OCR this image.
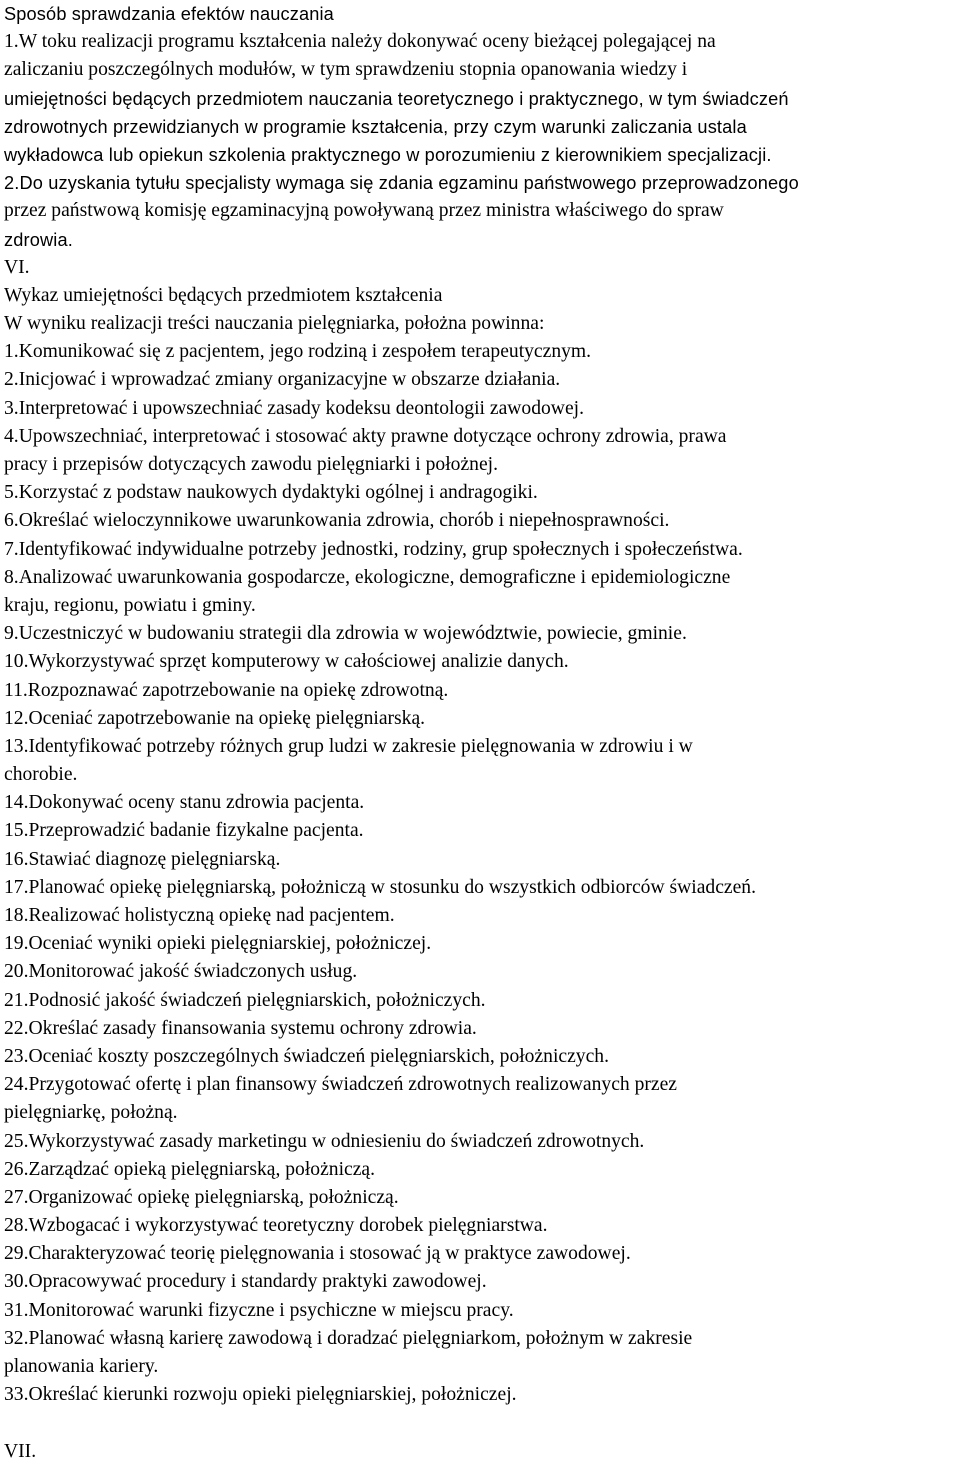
Sposób sprawdzania efektów nauczania

1.W toku realizacji programu kształcenia należy dokonywać oceny bieżącej polegającej na

zaliczaniu poszczególnych modułów, w tym sprawdzeniu stopnia opanowania wiedzy i

umiejętności będących przedmiotem nauczania teoretycznego i praktycznego, w tym świadczeń

zdrowotnych przewidzianych w programie kształcenia, przy czym warunki zaliczania ustala

wykładowca lub opiekun szkolenia praktycznego w porozumieniu z kierownikiem specjalizacji.

2.Do uzyskania tytułu specjalisty wymaga się zdania egzaminu państwowego przeprowadzonego

przez państwową komisję egzaminacyjną powoływaną przez ministra właściwego do spraw

zdrowia.

VI.

Wykaz umiejętności będących przedmiotem kształcenia

W wyniku realizacji treści nauczania pielęgniarka, położna powinna:

1.Komunikować się z pacjentem, jego rodziną i zespołem terapeutycznym.

2.Inicjować i wprowadzać zmiany organizacyjne w obszarze działania.

3.Interpretować i upowszechniać zasady kodeksu deontologii zawodowej.

4.Upowszechniać, interpretować i stosować akty prawne dotyczące ochrony zdrowia, prawa

pracy i przepisów dotyczących zawodu pielęgniarki i położnej.

5.Korzystać z podstaw naukowych dydaktyki ogólnej i andragogiki.

6.Określać wieloczynnikowe uwarunkowania zdrowia, chorób i niepełnosprawności.

7.Identyfikować indywidualne potrzeby jednostki, rodziny, grup społecznych i społeczeństwa.

8.Analizować uwarunkowania gospodarcze, ekologiczne, demograficzne i epidemiologiczne

kraju, regionu, powiatu i gminy.

9.Uczestniczyć w budowaniu strategii dla zdrowia w województwie, powiecie, gminie.

10.Wykorzystywać sprzęt komputerowy w całościowej analizie danych.

11.Rozpoznawać zapotrzebowanie na opiekę zdrowotną.

12.Oceniać zapotrzebowanie na opiekę pielęgniarską.

13.Identyfikować potrzeby różnych grup ludzi w zakresie pielęgnowania w zdrowiu i w

chorobie.

14.Dokonywać oceny stanu zdrowia pacjenta.

15.Przeprowadzić badanie fizykalne pacjenta.

16.Stawiać diagnozę pielęgniarską.

17.Planować opiekę pielęgniarską, położniczą w stosunku do wszystkich odbiorców świadczeń.

18.Realizować holistyczną opiekę nad pacjentem.

19.Oceniać wyniki opieki pielęgniarskiej, położniczej.

20.Monitorować jakość świadczonych usług.

21.Podnosić jakość świadczeń pielęgniarskich, położniczych.

22.Określać zasady finansowania systemu ochrony zdrowia.

23.Oceniać koszty poszczególnych świadczeń pielęgniarskich, położniczych.

24.Przygotować ofertę i plan finansowy świadczeń zdrowotnych realizowanych przez

pielęgniarkę, położną.

25.Wykorzystywać zasady marketingu w odniesieniu do świadczeń zdrowotnych.

26.Zarządzać opieką pielęgniarską, położniczą.

27.Organizować opiekę pielęgniarską, położniczą.

28.Wzbogacać i wykorzystywać teoretyczny dorobek pielęgniarstwa.

29.Charakteryzować teorię pielęgnowania i stosować ją w praktyce zawodowej.

30.Opracowywać procedury i standardy praktyki zawodowej.

31.Monitorować warunki fizyczne i psychiczne w miejscu pracy.

32.Planować własną karierę zawodową i doradzać pielęgniarkom, położnym w zakresie

planowania kariery.

33.Określać kierunki rozwoju opieki pielęgniarskiej, położniczej.

VII.
